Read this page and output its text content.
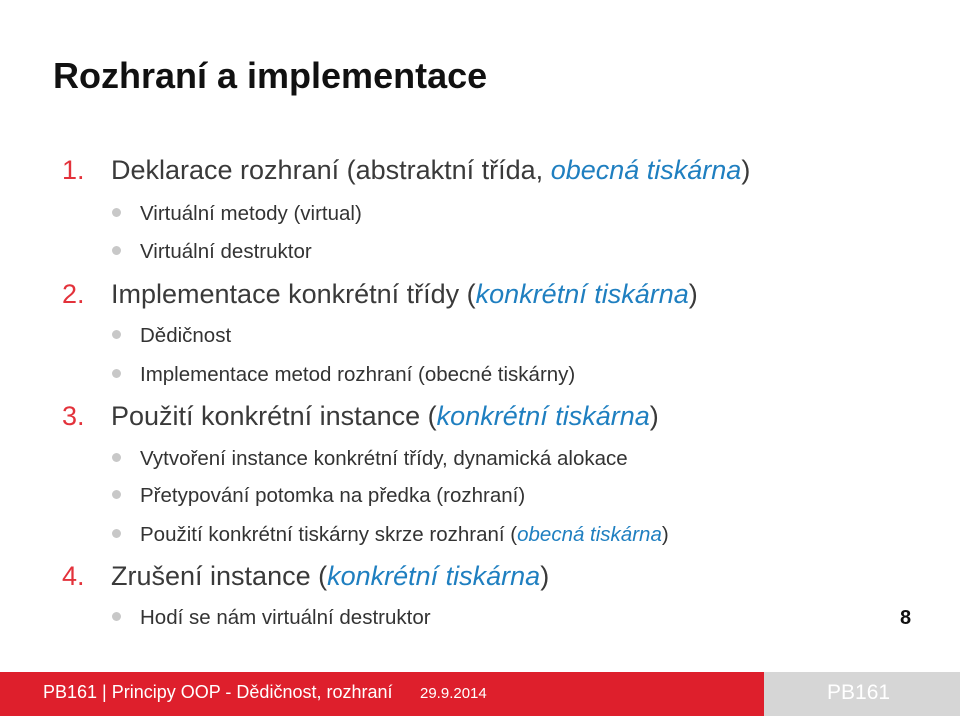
Rozhraní a implementace
1. Deklarace rozhraní (abstraktní třída, obecná tiskárna)
Virtuální metody (virtual)
Virtuální destruktor
2. Implementace konkrétní třídy (konkrétní tiskárna)
Dědičnost
Implementace metod rozhraní (obecné tiskárny)
3. Použití konkrétní instance (konkrétní tiskárna)
Vytvoření instance konkrétní třídy, dynamická alokace
Přetypování potomka na předka (rozhraní)
Použití konkrétní tiskárny skrze rozhraní (obecná tiskárna)
4. Zrušení instance (konkrétní tiskárna)
Hodí se nám virtuální destruktor	8
PB161 | Principy OOP - Dědičnost, rozhraní 29.9.2014	PB161
